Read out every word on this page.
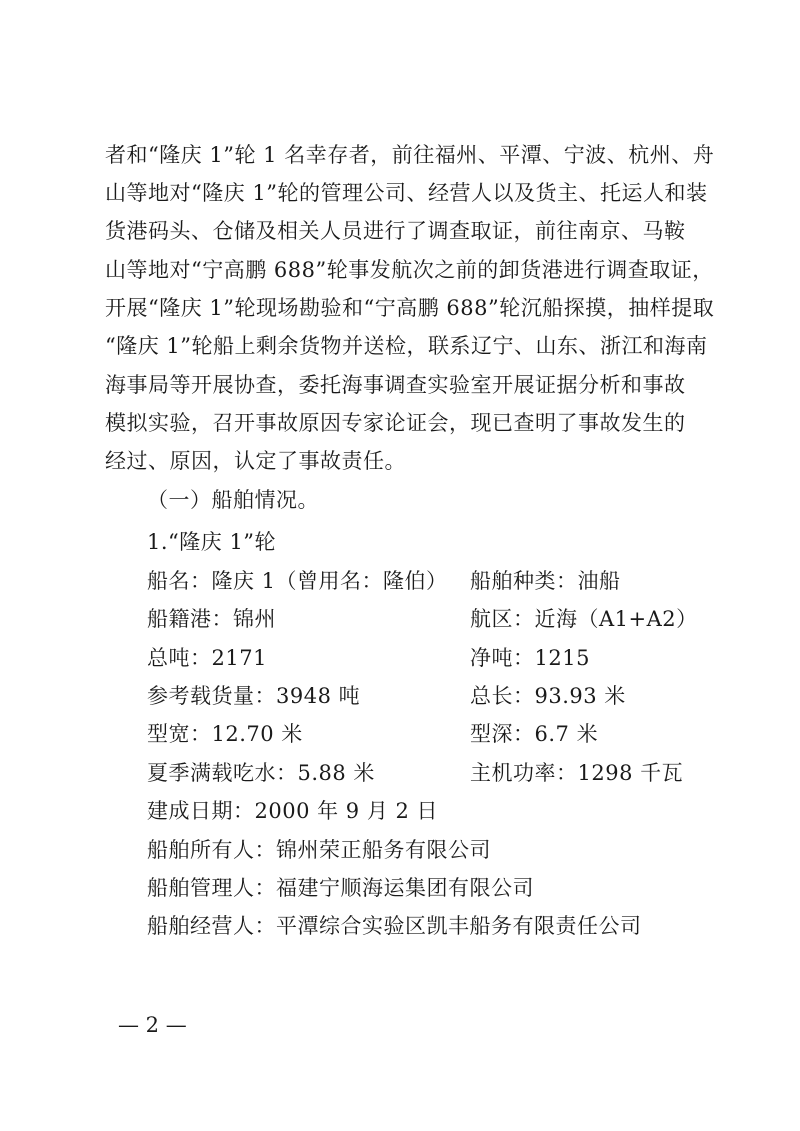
者和“隆庆 1”轮 1 名幸存者，前往福州、平潭、宁波、杭州、舟
山等地对“隆庆 1”轮的管理公司、经营人以及货主、托运人和装
货港码头、仓储及相关人员进行了调查取证，前往南京、马鞍
山等地对“宁高鹏 688”轮事发航次之前的卸货港进行调查取证，
开展“隆庆 1”轮现场勘验和“宁高鹏 688”轮沉船探摸，抽样提取
“隆庆 1”轮船上剩余货物并送检，联系辽宁、山东、浙江和海南
海事局等开展协查，委托海事调查实验室开展证据分析和事故
模拟实验，召开事故原因专家论证会，现已查明了事故发生的
经过、原因，认定了事故责任。
（一）船舶情况。
1.“隆庆 1”轮
船名：隆庆 1（曾用名：隆伯） 船舶种类：油船
船籍港：锦州	航区：近海（A1+A2）
总吨：2171	净吨：1215
参考载货量：3948 吨	总长：93.93 米
型宽：12.70 米	型深：6.7 米
夏季满载吃水：5.88 米	主机功率：1298 千瓦
建成日期：2000 年 9 月 2 日
船舶所有人：锦州荣正船务有限公司
船舶管理人：福建宁顺海运集团有限公司
船舶经营人：平潭综合实验区凯丰船务有限责任公司
— 2 —
